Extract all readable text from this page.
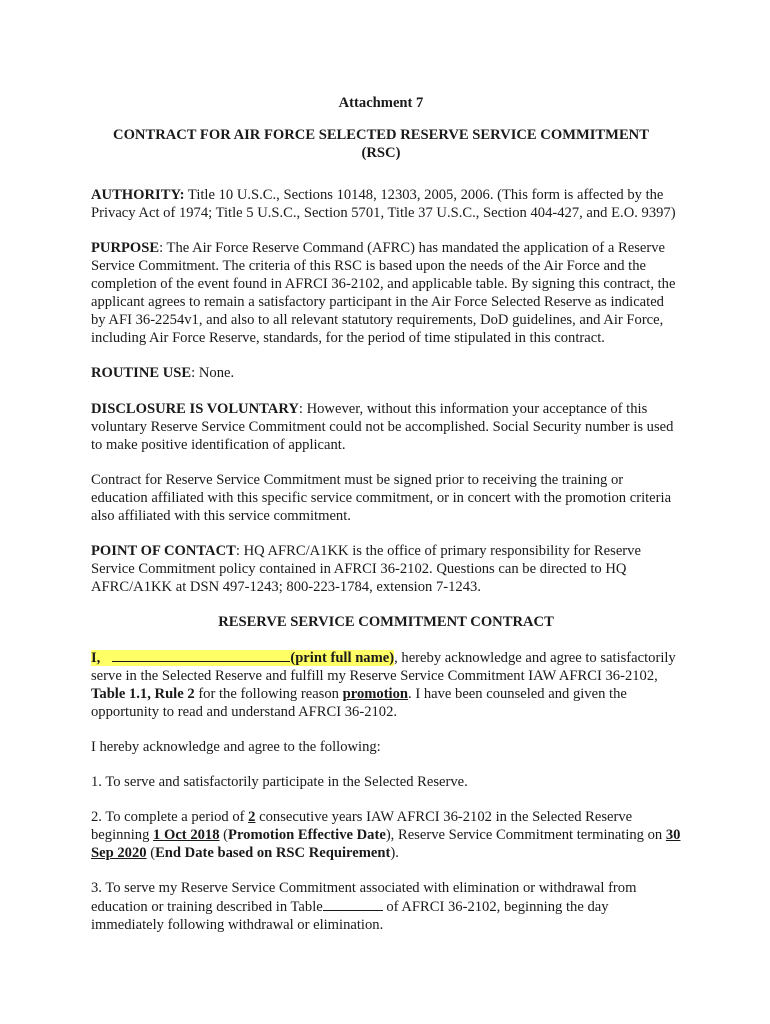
Attachment 7

CONTRACT FOR AIR FORCE SELECTED RESERVE SERVICE COMMITMENT
(RSC)

AUTHORITY: Title 10 U.S.C., Sections 10148, 12303, 2005, 2006. (This form is affected by the Privacy Act of 1974; Title 5 U.S.C., Section 5701, Title 37 U.S.C., Section 404-427, and E.O. 9397)

PURPOSE: The Air Force Reserve Command (AFRC) has mandated the application of a Reserve Service Commitment. The criteria of this RSC is based upon the needs of the Air Force and the completion of the event found in AFRCI 36-2102, and applicable table. By signing this contract, the applicant agrees to remain a satisfactory participant in the Air Force Selected Reserve as indicated by AFI 36-2254v1, and also to all relevant statutory requirements, DoD guidelines, and Air Force, including Air Force Reserve, standards, for the period of time stipulated in this contract.

ROUTINE USE: None.

DISCLOSURE IS VOLUNTARY: However, without this information your acceptance of this voluntary Reserve Service Commitment could not be accomplished. Social Security number is used to make positive identification of applicant.

Contract for Reserve Service Commitment must be signed prior to receiving the training or education affiliated with this specific service commitment, or in concert with the promotion criteria also affiliated with this service commitment.

POINT OF CONTACT: HQ AFRC/A1KK is the office of primary responsibility for Reserve Service Commitment policy contained in AFRCI 36-2102. Questions can be directed to HQ AFRC/A1KK at DSN 497-1243; 800-223-1784, extension 7-1243.

RESERVE SERVICE COMMITMENT CONTRACT

I,	(print full name), hereby acknowledge and agree to satisfactorily serve in the Selected Reserve and fulfill my Reserve Service Commitment IAW AFRCI 36-2102, Table 1.1, Rule 2 for the following reason promotion. I have been counseled and given the opportunity to read and understand AFRCI 36-2102.

I hereby acknowledge and agree to the following:

1. To serve and satisfactorily participate in the Selected Reserve.

2. To complete a period of 2 consecutive years IAW AFRCI 36-2102 in the Selected Reserve beginning 1 Oct 2018 (Promotion Effective Date), Reserve Service Commitment terminating on 30 Sep 2020 (End Date based on RSC Requirement).

3. To serve my Reserve Service Commitment associated with elimination or withdrawal from education or training described in Table	of AFRCI 36-2102, beginning the day immediately following withdrawal or elimination.
